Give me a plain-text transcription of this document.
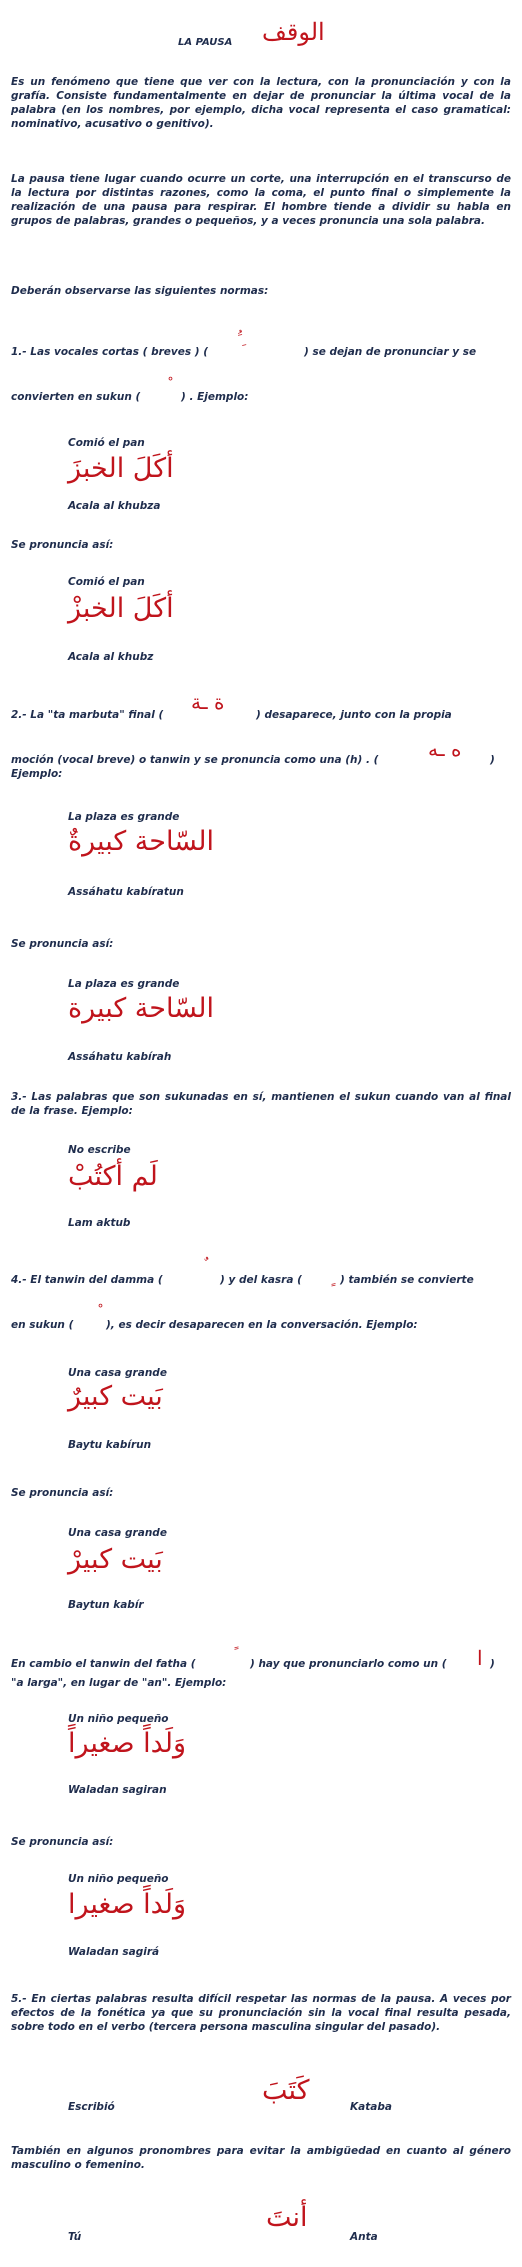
LA PAUSA الوقف
Es un fenómeno que tiene que ver con la lectura, con la pronunciación y con la grafía. Consiste fundamentalmente en dejar de pronunciar la última vocal de la palabra (en los nombres, por ejemplo, dicha vocal representa el caso gramatical: nominativo, acusativo o genitivo).
La pausa tiene lugar cuando ocurre un corte, una interrupción en el transcurso de la lectura por distintas razones, como la coma, el punto final o simplemente la realización de una pausa para respirar. El hombre tiende a dividir su habla en grupos de palabras, grandes o pequeños, y a veces pronuncia una sola palabra.
Deberán observarse las siguientes normas:
1.- Las vocales cortas ( breves ) (
ُ َ ِ
) se dejan de pronunciar y se
convierten en sukun (	) . Ejemplo:
Comió el pan
أكَلَ الخبزَ
Acala al khubza
Se pronuncia así:
Comió el pan
أكَلَ الخبزْ
Acala al khubz
2.- La "ta marbuta" final (
ة ـة
) desaparece, junto con la propia
moción (vocal breve) o tanwin y se pronuncia como una (h) . ( ه ـه	)
Ejemplo:
La plaza es grande
السّاحة كبيرةٌ
Assáhatu kabíratun
Se pronuncia así:
La plaza es grande
السّاحة كبيرة
Assáhatu kabírah
3.- Las palabras que son sukunadas en sí, mantienen el sukun cuando van al final de la frase. Ejemplo:
No escribe
لَم أكتُبْ
Lam aktub
4.- El tanwin del damma (	) y del kasra (	) también se convierte
en sukun (	), es decir desaparecen en la conversación. Ejemplo:
Una casa grande
بَيت كبيرٌ
Baytu kabírun
Se pronuncia así:
Una casa grande
بَيت كبيرْ
Baytun kabír
En cambio el tanwin del fatha (	) hay que pronunciarlo como un ( ا )
"a larga", en lugar de "an". Ejemplo:
Un niño pequeño
وَلَداً صغيراً
Waladan sagiran
Se pronuncia así:
Un niño pequeño
وَلَداً صغيرا
Waladan sagirá
5.- En ciertas palabras resulta difícil respetar las normas de la pausa. A veces por efectos de la fonética ya que su pronunciación sin la vocal final resulta pesada, sobre todo en el verbo (tercera persona masculina singular del pasado).
Escribió
كَتَبَ
Kataba
También en algunos pronombres para evitar la ambigüedad en cuanto al género masculino o femenino.
Tú
أنتَ
Anta
